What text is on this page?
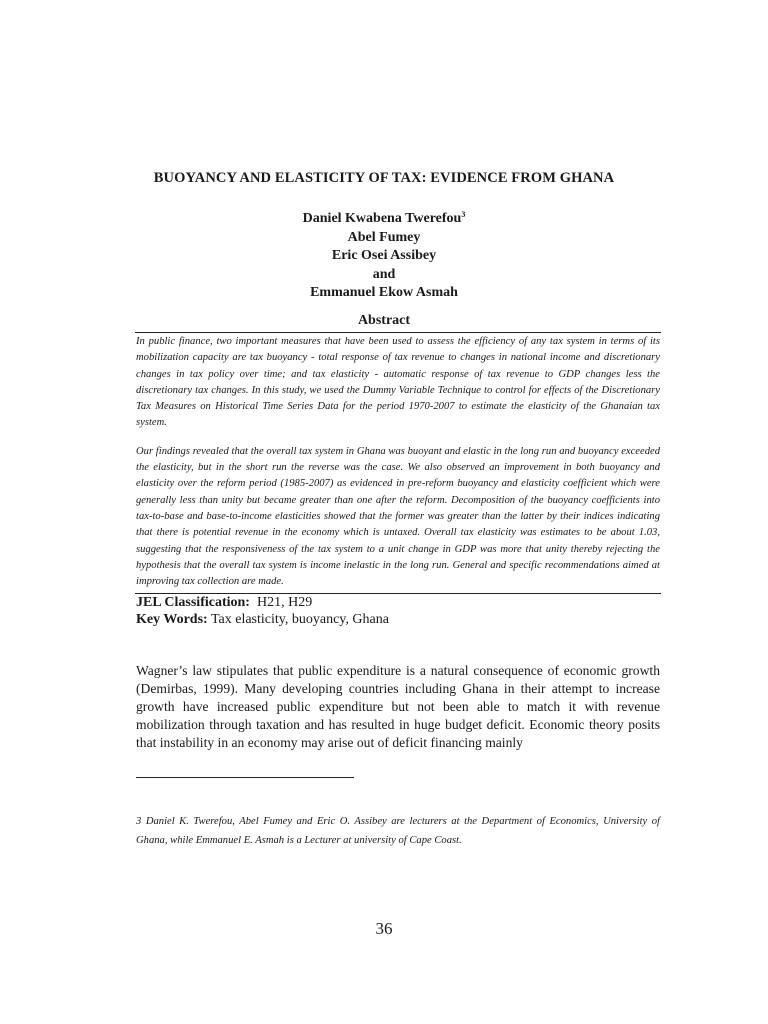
BUOYANCY AND ELASTICITY OF TAX: EVIDENCE FROM GHANA
Daniel Kwabena Twerefou$^3$
Abel Fumey
Eric Osei Assibey
and
Emmanuel Ekow Asmah
Abstract

In public finance, two important measures that have been used to assess the efficiency of any tax system in terms of its mobilization capacity are tax buoyancy - total response of tax revenue to changes in national income and discretionary changes in tax policy over time; and tax elasticity - automatic response of tax revenue to GDP changes less the discretionary tax changes. In this study, we used the Dummy Variable Technique to control for effects of the Discretionary Tax Measures on Historical Time Series Data for the period 1970-2007 to estimate the elasticity of the Ghanaian tax system.

Our findings revealed that the overall tax system in Ghana was buoyant and elastic in the long run and buoyancy exceeded the elasticity, but in the short run the reverse was the case. We also observed an improvement in both buoyancy and elasticity over the reform period (1985-2007) as evidenced in pre-reform buoyancy and elasticity coefficient which were generally less than unity but became greater than one after the reform. Decomposition of the buoyancy coefficients into tax-to-base and base-to-income elasticities showed that the former was greater than the latter by their indices indicating that there is potential revenue in the economy which is untaxed. Overall tax elasticity was estimates to be about 1.03, suggesting that the responsiveness of the tax system to a unit change in GDP was more that unity thereby rejecting the hypothesis that the overall tax system is income inelastic in the long run. General and specific recommendations aimed at improving tax collection are made.

JEL Classification: H21, H29
Key Words: Tax elasticity, buoyancy, Ghana
Wagner’s law stipulates that public expenditure is a natural consequence of economic growth (Demirbas, 1999). Many developing countries including Ghana in their attempt to increase growth have increased public expenditure but not been able to match it with revenue mobilization through taxation and has resulted in huge budget deficit. Economic theory posits that instability in an economy may arise out of deficit financing mainly
3 Daniel K. Twerefou, Abel Fumey and Eric O. Assibey are lecturers at the Department of Economics, University of Ghana, while Emmanuel E. Asmah is a Lecturer at university of Cape Coast.
36
